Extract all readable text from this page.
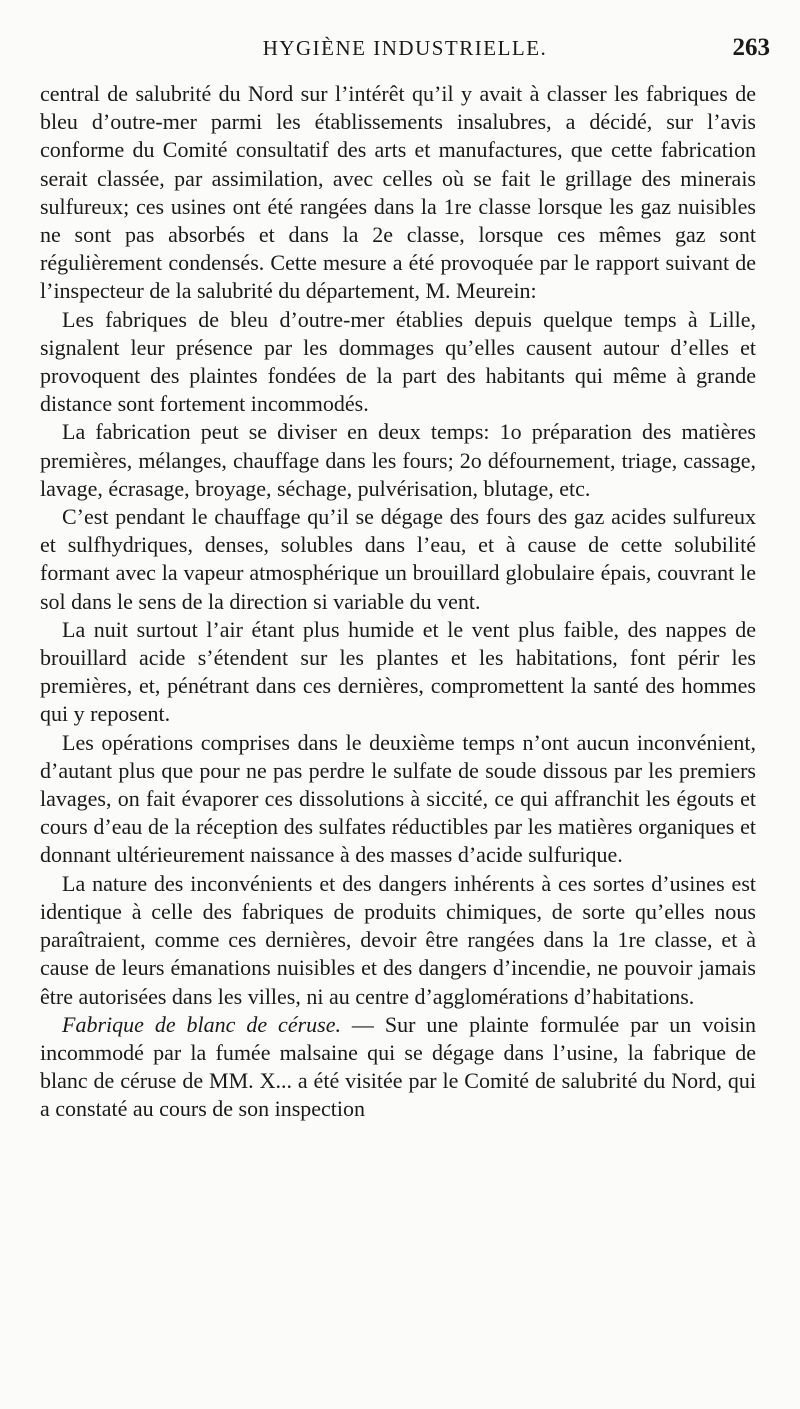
HYGIÈNE INDUSTRIELLE.	263

central de salubrité du Nord sur l’intérêt qu’il y avait à classer les fabriques de bleu d’outre-mer parmi les établissements insalubres, a décidé, sur l’avis conforme du Comité consultatif des arts et manufactures, que cette fabrication serait classée, par assimilation, avec celles où se fait le grillage des minerais sulfureux; ces usines ont été rangées dans la 1re classe lorsque les gaz nuisibles ne sont pas absorbés et dans la 2e classe, lorsque ces mêmes gaz sont régulièrement condensés. Cette mesure a été provoquée par le rapport suivant de l’inspecteur de la salubrité du département, M. Meurein:

Les fabriques de bleu d’outre-mer établies depuis quelque temps à Lille, signalent leur présence par les dommages qu’elles causent autour d’elles et provoquent des plaintes fondées de la part des habitants qui même à grande distance sont fortement incommodés.

La fabrication peut se diviser en deux temps: 1o préparation des matières premières, mélanges, chauffage dans les fours; 2o défournement, triage, cassage, lavage, écrasage, broyage, séchage, pulvérisation, blutage, etc.

C’est pendant le chauffage qu’il se dégage des fours des gaz acides sulfureux et sulfhydriques, denses, solubles dans l’eau, et à cause de cette solubilité formant avec la vapeur atmosphérique un brouillard globulaire épais, couvrant le sol dans le sens de la direction si variable du vent.

La nuit surtout l’air étant plus humide et le vent plus faible, des nappes de brouillard acide s’étendent sur les plantes et les habitations, font périr les premières, et, pénétrant dans ces dernières, compromettent la santé des hommes qui y reposent.

Les opérations comprises dans le deuxième temps n’ont aucun inconvénient, d’autant plus que pour ne pas perdre le sulfate de soude dissous par les premiers lavages, on fait évaporer ces dissolutions à siccité, ce qui affranchit les égouts et cours d’eau de la réception des sulfates réductibles par les matières organiques et donnant ultérieurement naissance à des masses d’acide sulfurique.

La nature des inconvénients et des dangers inhérents à ces sortes d’usines est identique à celle des fabriques de produits chimiques, de sorte qu’elles nous paraîtraient, comme ces dernières, devoir être rangées dans la 1re classe, et à cause de leurs émanations nuisibles et des dangers d’incendie, ne pouvoir jamais être autorisées dans les villes, ni au centre d’agglomérations d’habitations.

Fabrique de blanc de céruse. — Sur une plainte formulée par un voisin incommodé par la fumée malsaine qui se dégage dans l’usine, la fabrique de blanc de céruse de MM. X... a été visitée par le Comité de salubrité du Nord, qui a constaté au cours de son inspection
